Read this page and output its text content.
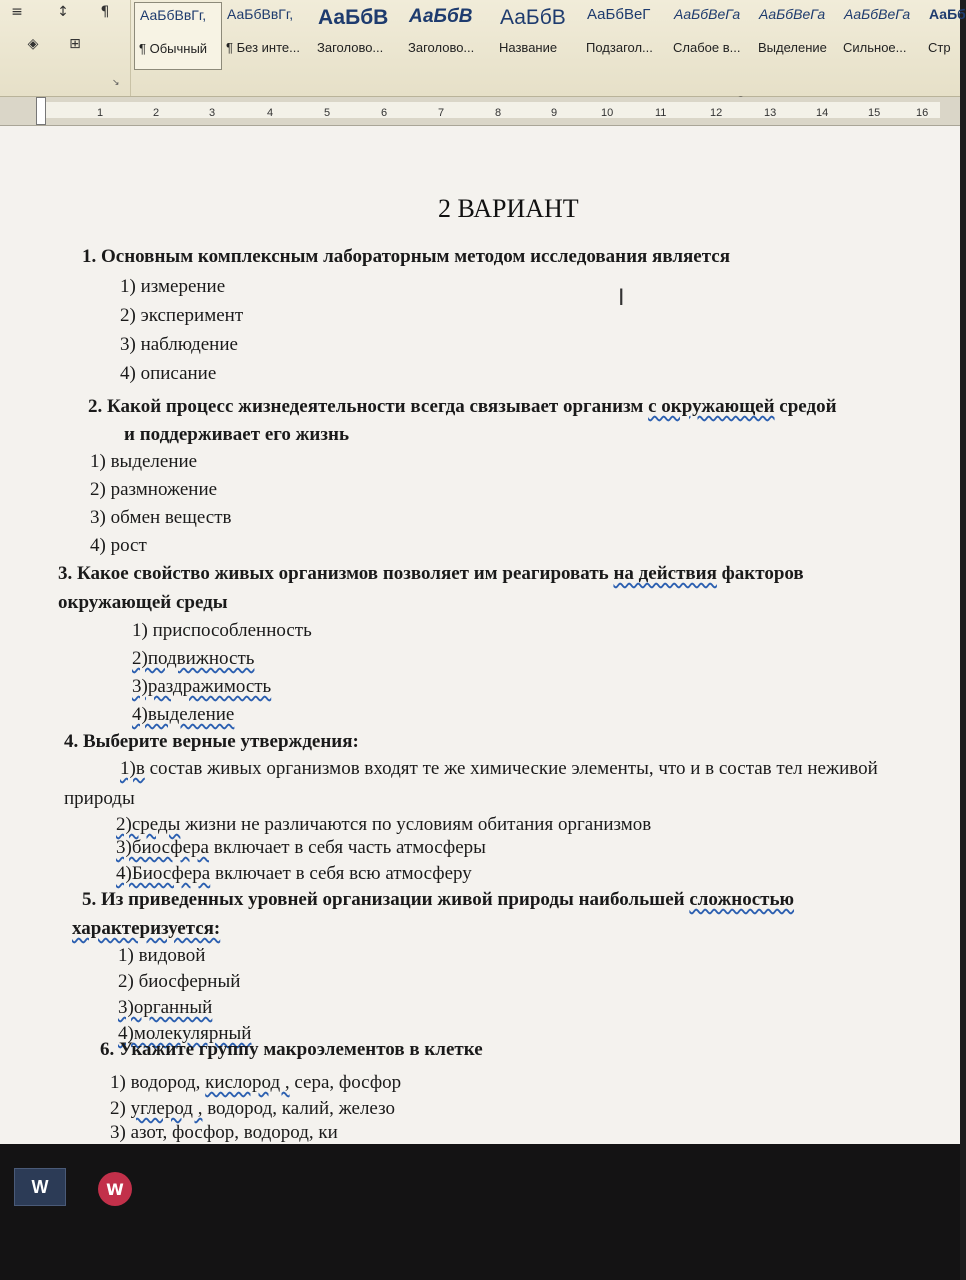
≡	↕	¶
◈	⊞
↘
АаБбВвГг,
¶ Обычный
АаБбВвГг,
¶ Без инте...
АаБбВ
Заголово...
АаБбВ
Заголово...
АаБбВ
Название
АаБбВеГ
Подзагол...
АаБбВеГа
Слабое в...
АаБбВеГа
Выделение
АаБбВеГа
Сильное...
АаБб
Стр
1	2	3	4	5	6	7	8	9	10	11	12	13	14	15	16
2 ВАРИАНТ
I
1. Основным комплексным лабораторным методом исследования является
1) измерение
2) эксперимент
3) наблюдение
4) описание
2. Какой процесс жизнедеятельности всегда связывает организм с окружающей средой
и поддерживает его жизнь
1) выделение
2) размножение
3) обмен веществ
4) рост
3. Какое свойство живых организмов позволяет им реагировать на действия факторов
окружающей среды
1) приспособленность
2)подвижность
3)раздражимость
4)выделение
4. Выберите верные утверждения:
1)в состав живых организмов входят те же химические элементы, что и в состав тел неживой
природы
2)среды жизни не различаются по условиям обитания организмов
3)биосфера включает в себя часть атмосферы
4)Биосфера включает в себя всю атмосферу
5. Из приведенных уровней организации живой природы наибольшей сложностью
характеризуется:
1) видовой
2) биосферный
3)органный
4)молекулярный
6. Укажите группу макроэлементов в клетке
1) водород, кислород , сера, фосфор
2) углерод , водород, калий, железо
3) азот, фосфор, водород, ки
W	W
